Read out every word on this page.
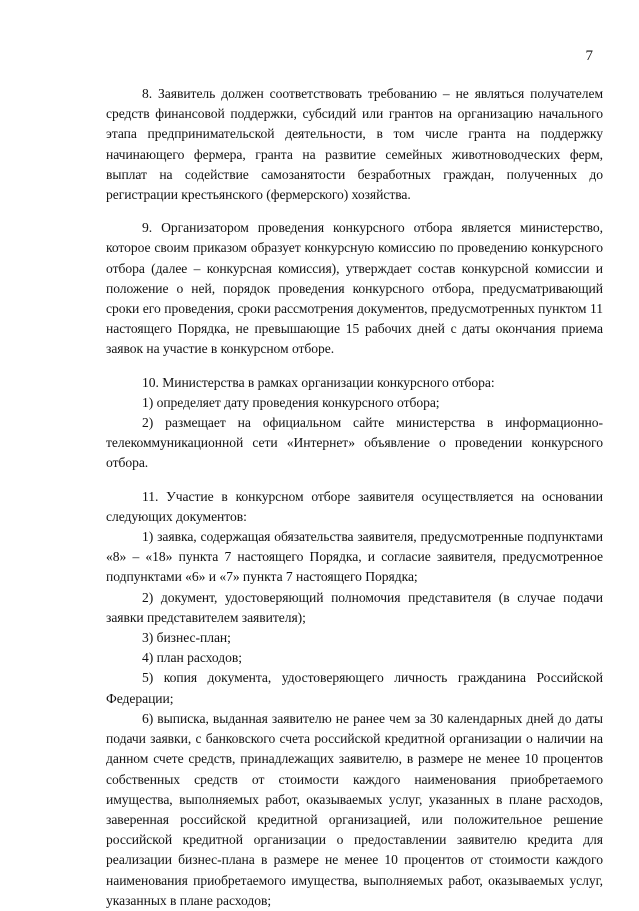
7

8. Заявитель должен соответствовать требованию – не являться получателем средств финансовой поддержки, субсидий или грантов на организацию начального этапа предпринимательской деятельности, в том числе гранта на поддержку начинающего фермера, гранта на развитие семейных животноводческих ферм, выплат на содействие самозанятости безработных граждан, полученных до регистрации крестьянского (фермерского) хозяйства.

9. Организатором проведения конкурсного отбора является министерство, которое своим приказом образует конкурсную комиссию по проведению конкурсного отбора (далее – конкурсная комиссия), утверждает состав конкурсной комиссии и положение о ней, порядок проведения конкурсного отбора, предусматривающий сроки его проведения, сроки рассмотрения документов, предусмотренных пунктом 11 настоящего Порядка, не превышающие 15 рабочих дней с даты окончания приема заявок на участие в конкурсном отборе.

10. Министерства в рамках организации конкурсного отбора:

1) определяет дату проведения конкурсного отбора;

2) размещает на официальном сайте министерства в информационно-телекоммуникационной сети «Интернет» объявление о проведении конкурсного отбора.

11. Участие в конкурсном отборе заявителя осуществляется на основании следующих документов:

1) заявка, содержащая обязательства заявителя, предусмотренные подпунктами «8» – «18» пункта 7 настоящего Порядка, и согласие заявителя, предусмотренное подпунктами «6» и «7» пункта 7 настоящего Порядка;

2) документ, удостоверяющий полномочия представителя (в случае подачи заявки представителем заявителя);

3) бизнес-план;

4) план расходов;

5) копия документа, удостоверяющего личность гражданина Российской Федерации;

6) выписка, выданная заявителю не ранее чем за 30 календарных дней до даты подачи заявки, с банковского счета российской кредитной организации о наличии на данном счете средств, принадлежащих заявителю, в размере не менее 10 процентов собственных средств от стоимости каждого наименования приобретаемого имущества, выполняемых работ, оказываемых услуг, указанных в плане расходов, заверенная российской кредитной организацией, или положительное решение российской кредитной организации о предоставлении заявителю кредита для реализации бизнес-плана в размере не менее 10 процентов от стоимости каждого наименования приобретаемого имущества, выполняемых работ, оказываемых услуг, указанных в плане расходов;
